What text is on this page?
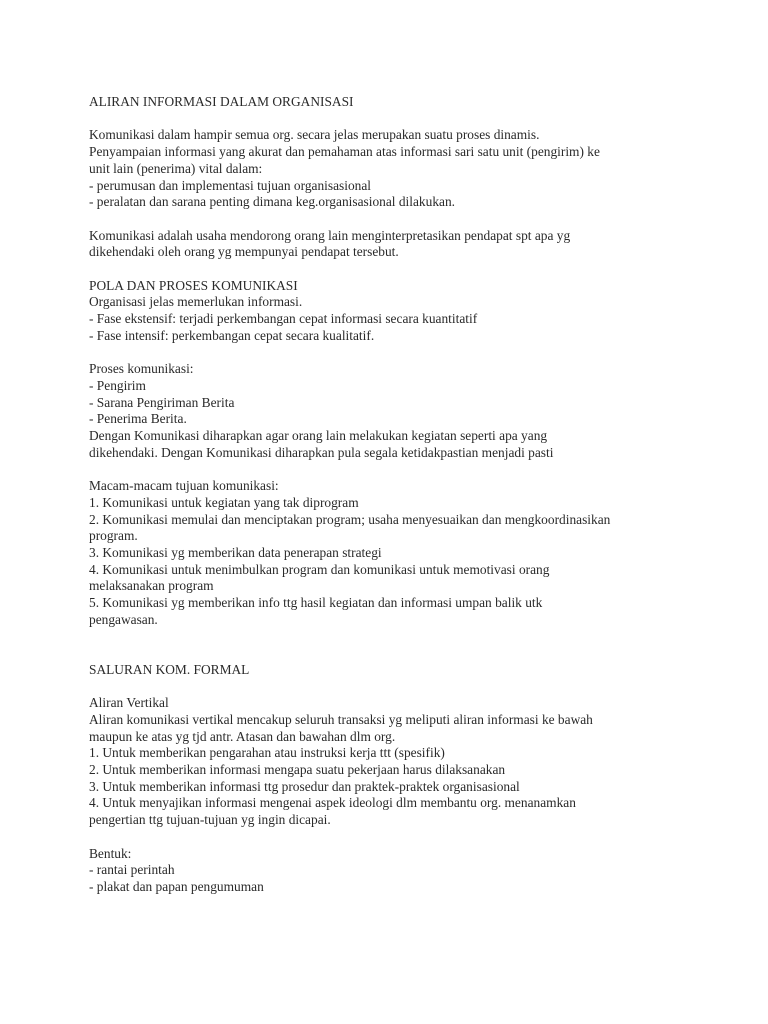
ALIRAN INFORMASI DALAM ORGANISASI
Komunikasi dalam hampir semua org. secara jelas merupakan suatu proses dinamis.
Penyampaian informasi yang akurat dan pemahaman atas informasi sari satu unit (pengirim) ke
unit lain (penerima) vital dalam:
- perumusan dan implementasi tujuan organisasional
- peralatan dan sarana penting dimana keg.organisasional dilakukan.
Komunikasi adalah usaha mendorong orang lain menginterpretasikan pendapat spt apa yg
dikehendaki oleh orang yg mempunyai pendapat tersebut.
POLA DAN PROSES KOMUNIKASI
Organisasi jelas memerlukan informasi.
- Fase ekstensif: terjadi perkembangan cepat informasi secara kuantitatif
- Fase intensif: perkembangan cepat secara kualitatif.
Proses komunikasi:
- Pengirim
- Sarana Pengiriman Berita
- Penerima Berita.
Dengan Komunikasi diharapkan agar orang lain melakukan kegiatan seperti apa yang
dikehendaki. Dengan Komunikasi diharapkan pula segala ketidakpastian menjadi pasti
Macam-macam tujuan komunikasi:
1. Komunikasi untuk kegiatan yang tak diprogram
2. Komunikasi memulai dan menciptakan program; usaha menyesuaikan dan mengkoordinasikan
program.
3. Komunikasi yg memberikan data penerapan strategi
4. Komunikasi untuk menimbulkan program dan komunikasi untuk memotivasi orang
melaksanakan program
5. Komunikasi yg memberikan info ttg hasil kegiatan dan informasi umpan balik utk
pengawasan.
SALURAN KOM. FORMAL
Aliran Vertikal
Aliran komunikasi vertikal mencakup seluruh transaksi yg meliputi aliran informasi ke bawah
maupun ke atas yg tjd antr. Atasan dan bawahan dlm org.
1. Untuk memberikan pengarahan atau instruksi kerja ttt (spesifik)
2. Untuk memberikan informasi mengapa suatu pekerjaan harus dilaksanakan
3. Untuk memberikan informasi ttg prosedur dan praktek-praktek organisasional
4. Untuk menyajikan informasi mengenai aspek ideologi dlm membantu org. menanamkan
pengertian ttg tujuan-tujuan yg ingin dicapai.
Bentuk:
- rantai perintah
- plakat dan papan pengumuman
